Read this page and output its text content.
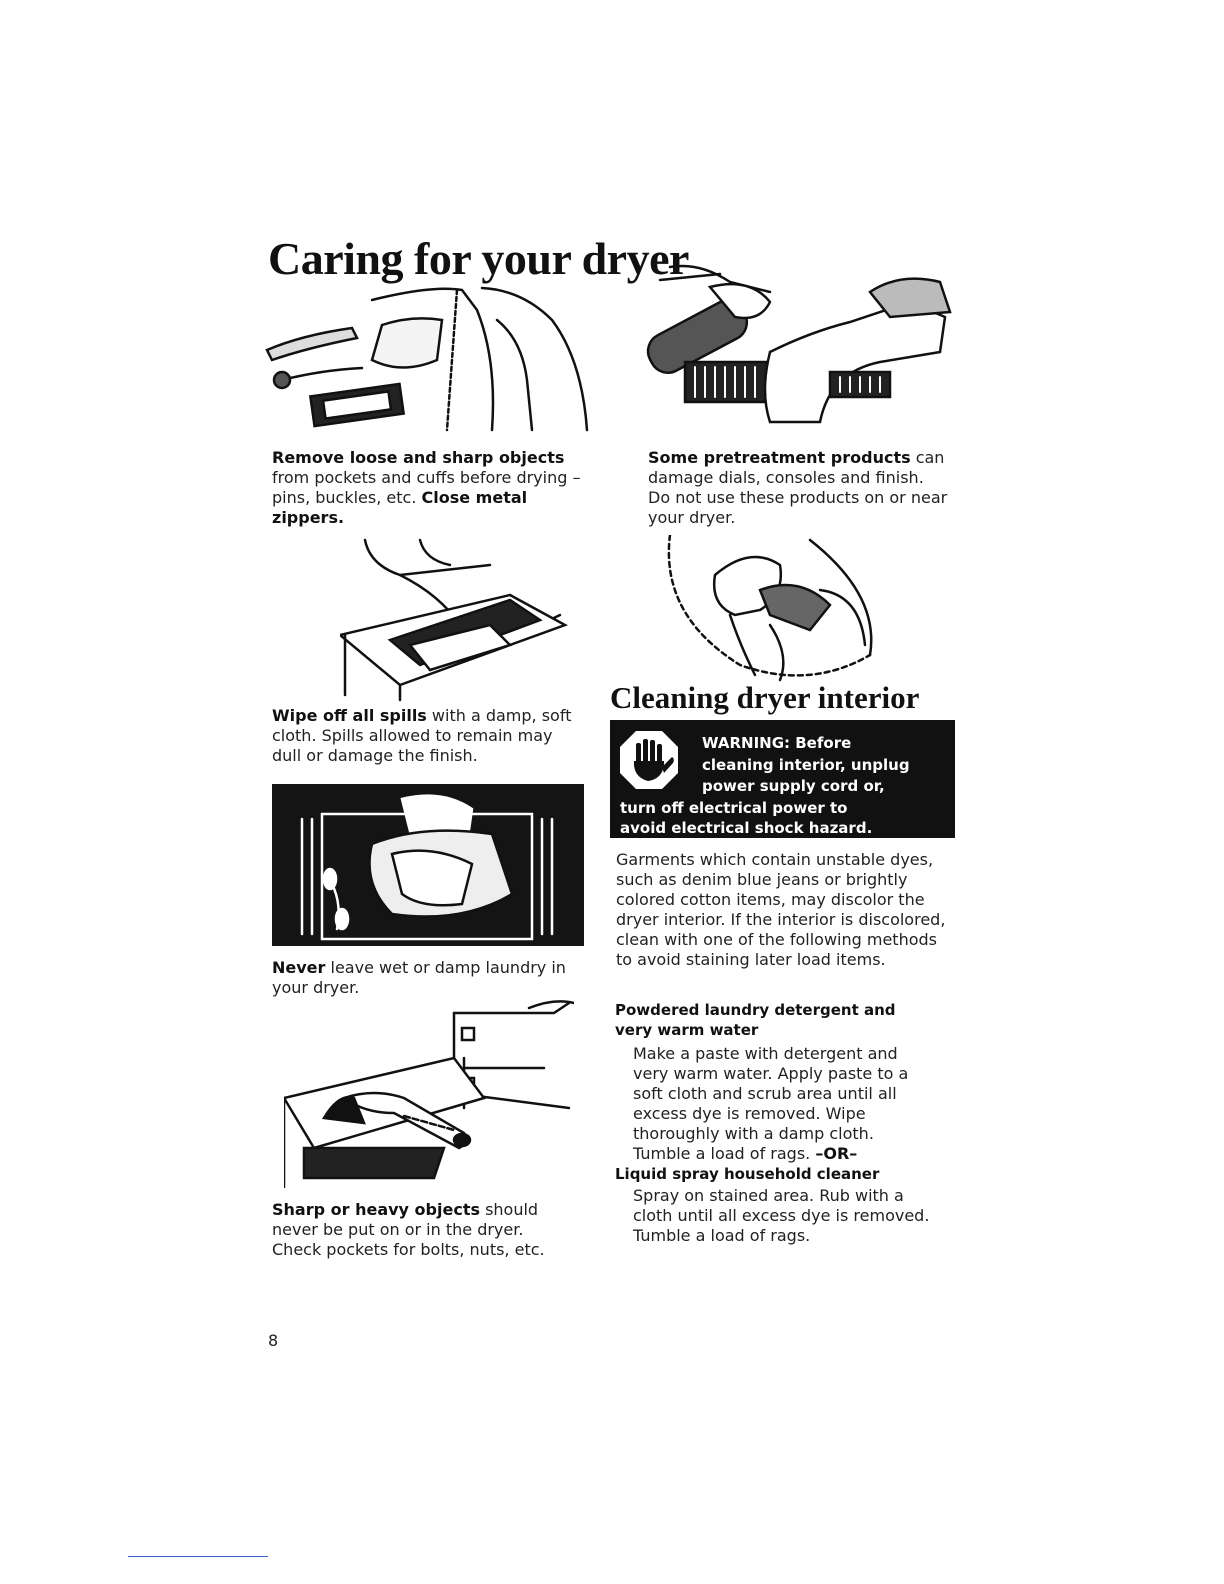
Caring for your dryer
Remove loose and sharp objects
from pockets and cuffs before drying – pins, buckles, etc. Close metal zippers.
Some pretreatment products can damage dials, consoles and finish. Do not use these products on or near your dryer.
Wipe off all spills with a damp, soft cloth. Spills allowed to remain may dull or damage the finish.
Cleaning dryer interior
WARNING: Before
cleaning interior, unplug
power supply cord or,
turn off electrical power to
avoid electrical shock hazard.
Garments which contain unstable dyes, such as denim blue jeans or brightly colored cotton items, may discolor the dryer interior. If the interior is discolored, clean with one of the following methods to avoid staining later load items.
Never leave wet or damp laundry in your dryer.
Powdered laundry detergent and very warm water
Make a paste with detergent and very warm water. Apply paste to a soft cloth and scrub area until all excess dye is removed. Wipe thoroughly with a damp cloth. Tumble a load of rags. –OR–
Liquid spray household cleaner
Spray on stained area. Rub with a cloth until all excess dye is removed. Tumble a load of rags.
Sharp or heavy objects should never be put on or in the dryer. Check pockets for bolts, nuts, etc.
8
